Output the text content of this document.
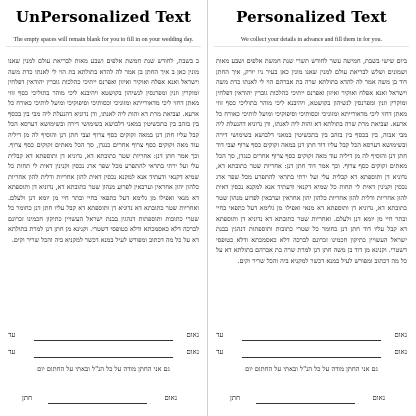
UnPersonalized Text
The empty spaces will remain blank for you to fill in on your wedding day.

ב בשבת, לחודש שנת חמשת אלפים ושבע מאות לבריאת עולם למנין שאנו מונין כאן ב איך החתן בן אמר לה להדא בתולתא בת הוי לי לאנתו כדת משה וישראל ואנא אפלח ואוקיר ואיזון ואפרנס ייתיכי כהלכות גוברין יהודאין דפלחין ומוקרין וזנין ומפרנסין לנשיהון בקושטא ויהיבנא ליכי מוהר בתוליכי כסף זוזי מאתן דחזי ליכי מדאורייתא ומזוניכי וכסותיכי וסיפוקיכי ומיעל לותיכי כאורח כל ארעא. וצביאת מרת דא והות ליה לאנתו, ודן נדוניא דהנעלת ליה מבי בין בכסף בין בזהב בין בתכשיטין במאני דלבושא בשימושי דירה ובשימושא דערסא הכל קבל עליו חתן דנן במאה זקוקים כסף צרוף וצבי חתן דנן והוסיף לה מן דיליה עוד מאה זקוקים כסף צרוף אחרים כנגדן, סך הכל מאתים זקוקים כסף צרוף. וכך אמר חתן דנן: אחריות שטר כתובתא דא, נדוניא דן ותוספתא דא קבלית עלי ועל ירתי בתראי להתפרע מכל שפר ארג נכסין וקנינין דאית לי תחות כל שמיא דקנאי ודעתיד אנא למקנא נכסין דאית להון אחריות ודלית להון אחריות כלהון יהון אחראין וערבאין לפרוע מנהון שטר כתובתא דא, נדוניא דן ותוספתא דא מנאי ואפילו מן גלימא דעל כתפאי בחיי ובתר חיי מן יומא דנן ולעלם. ואחריות שטר כתובתא דא נדוניא דן ותוספתא דא קבל עליו חתן דנן כחומר כל שטרי כתובות ותוספתות דנהגין בבנת ישראל העשויין כתיקון חכמינו זכרונם לברכה דלא כאסמכתא ודלא כטופסי דשטרי. וקנינא מן חתן דנן למרת בתולתא דא על כל מה דכתוב ומפורש לעיל במנא דכשר למקניא ביה והכל שריר וקים.

נאום
עד
נאום
עד
גם אני החתן מודה על כל הנ"ל ובאתי על החתום יום
נאום
חתן
Personalized Text
We collect your details in advance and fill them in for you.

ביום שישי בשבת, חמישה עשר לחודש תשרי שנת חמשת אלפים ושבע מאות ושמונים ושלש לבריאת עולם למנין שאנו מונין כאן בעיר ניו יורק, איך החתן דוד בן משה אמר לה להדא בתולתא שרה בת אברהם הוי לי לאנתו כדת משה וישראל ואנא אפלח ואוקיר ואיזון ואפרנס ייתיכי כהלכות גוברין יהודאין דפלחין ומוקרין וזנין ומפרנסין לנשיהון בקושטא, ויהיבנא ליכי מוהר בתוליכי כסף זוזי מאתן דחזי ליכי מדאורייתא ומזוניכי וכסותיכי וסיפוקיכי ומיעל לותיכי כאורח כל ארעא. וצביאת מרת שרה בתולתא דא והות ליה לאנתו, ודן נדוניא דהנעלת ליה מבי אבוה, בין בכסף בין בזהב בין בתכשיטין במאני דלבושא בשימושי דירה ובשימושא דערסא הכל קבל עליו דוד חתן דנן במאה זקוקים כסף צרוף וצבי דוד חתן דנן והוסיף לה מן דיליה עוד מאה זקוקים כסף צרוף אחרים כנגדן, סך הכל מאתים זקוקים כסף צרוף. וכך אמר דוד חתן דנן: אחריות שטר כתובתא דא, נדוניא דן ותוספתא דא קבלית עלי ועל ירתי בתראי להתפרע מכל שפר ארג נכסין וקנינין דאית לי תחות כל שמיא דקנאי ודעתיד אנא למקנא נכסין דאית להון אחריות ודלית להון אחריות כלהון יהון אחראין וערבאין לפרוע מנהון שטר כתובתא דא, נדוניא דן ותוספתא דא מנאי ואפילו מן גלימא דעל כתפאי בחיי ובתר חיי מן יומא דנן ולעלם. ואחריות שטר כתובתא דא נדוניא דן ותוספתא דא קבל עליו דוד חתן דנן כחומר כל שטרי כתובות ותוספתות דנהגין בבנת ישראל העשויין כתיקון חכמינו זכרונם לברכה דלא כאסמכתא ודלא כטופסי דשטרי. וקנינא מן דוד בן משה חתן דנן למרת שרה בת אברהם בתולתא דא על כל מה דכתוב ומפורש לעיל במנא דכשר למקניא ביה והכל שריר וקים.

נאום
עד
נאום
עד
גם אני החתן מודה על כל הנ"ל ובאתי על החתום יום
נאום
חתן
